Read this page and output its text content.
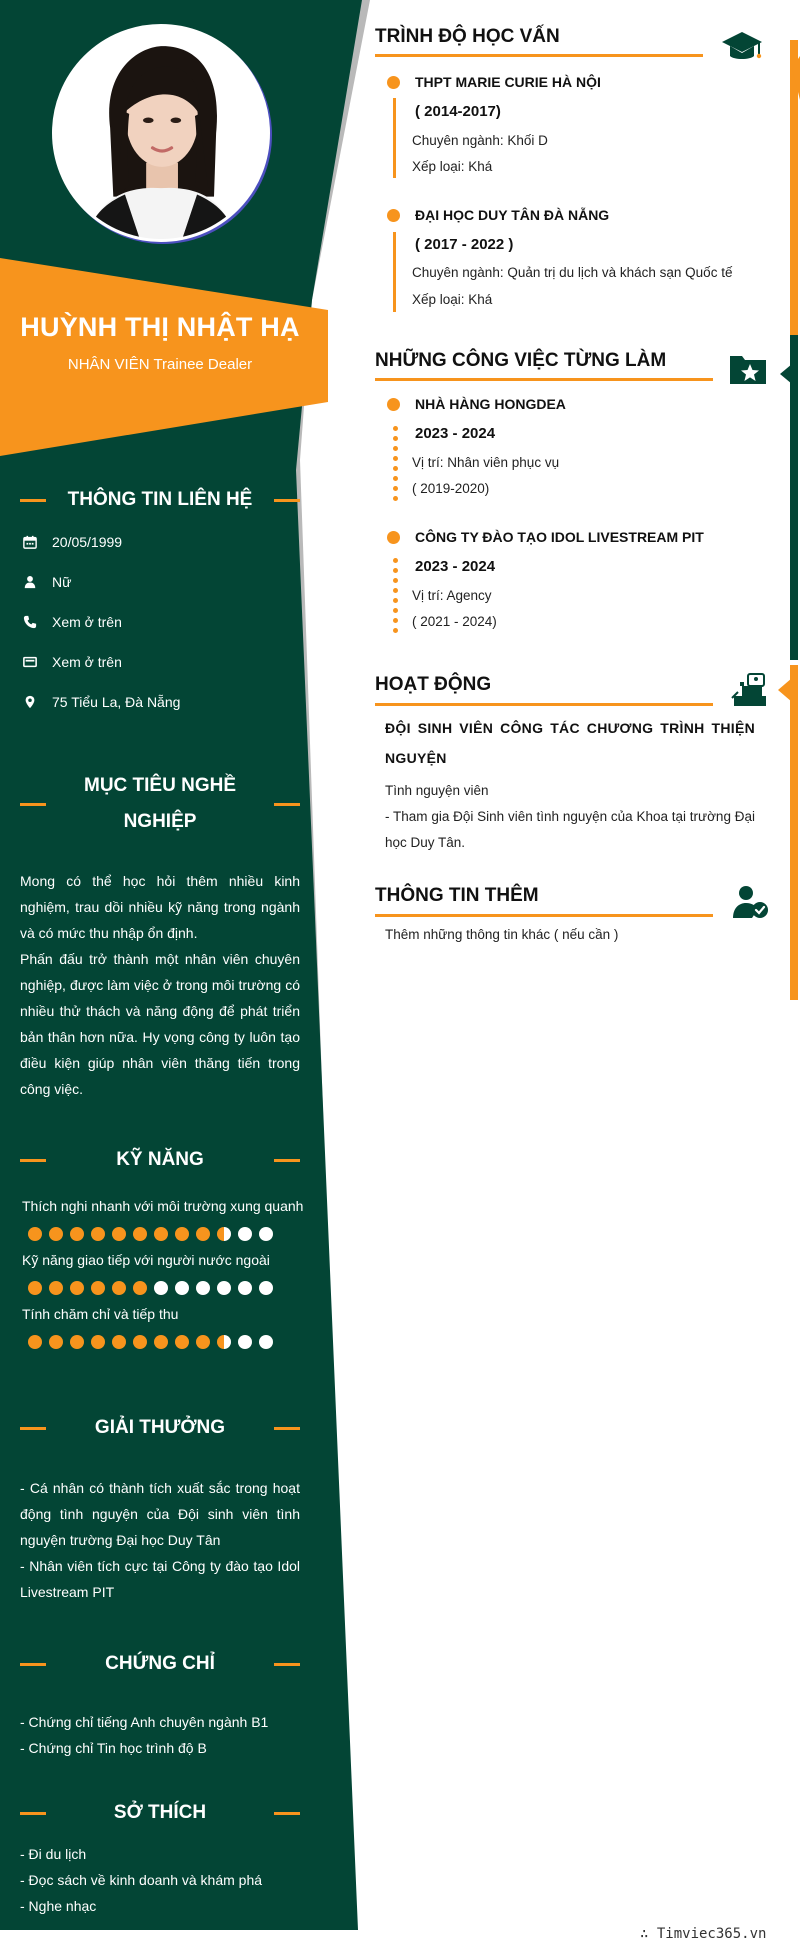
HUỲNH THỊ NHẬT HẠ
NHÂN VIÊN Trainee Dealer
THÔNG TIN LIÊN HỆ
20/05/1999
Nữ
Xem ở trên
Xem ở trên
75 Tiểu La, Đà Nẵng
MỤC TIÊU NGHỀ
NGHIỆP
Mong có thể học hỏi thêm nhiều kinh nghiệm, trau dồi nhiều kỹ năng trong ngành và có mức thu nhập ổn định.
Phấn đấu trở thành một nhân viên chuyên nghiệp, được làm việc ở trong môi trường có nhiều thử thách và năng động để phát triển bản thân hơn nữa. Hy vọng công ty luôn tạo điều kiện giúp nhân viên thăng tiến trong công việc.
KỸ NĂNG
Thích nghi nhanh với môi trường xung quanh
Kỹ năng giao tiếp với người nước ngoài
Tính chăm chỉ và tiếp thu
GIẢI THƯỞNG
- Cá nhân có thành tích xuất sắc trong hoạt động tình nguyện của Đội sinh viên tình nguyện trường Đại học Duy Tân
- Nhân viên tích cực tại Công ty đào tạo Idol Livestream PIT
CHỨNG CHỈ
- Chứng chỉ tiếng Anh chuyên ngành B1
- Chứng chỉ Tin học trình độ B
SỞ THÍCH
- Đi du lịch
- Đọc sách về kinh doanh và khám phá
- Nghe nhạc
TRÌNH ĐỘ HỌC VẤN
THPT MARIE CURIE HÀ NỘI
( 2014-2017)
Chuyên ngành: Khối D
Xếp loại: Khá
ĐẠI HỌC DUY TÂN ĐÀ NẴNG
( 2017 - 2022 )
Chuyên ngành: Quản trị du lịch và khách sạn Quốc tế
Xếp loại: Khá
NHỮNG CÔNG VIỆC TỪNG LÀM
NHÀ HÀNG HONGDEA
2023 - 2024
Vị trí: Nhân viên phục vụ
( 2019-2020)
CÔNG TY ĐÀO TẠO IDOL LIVESTREAM PIT
2023 - 2024
Vị trí: Agency
( 2021 - 2024)
HOẠT ĐỘNG
ĐỘI SINH VIÊN CÔNG TÁC CHƯƠNG TRÌNH THIỆN NGUYỆN
Tình nguyện viên
- Tham gia Đội Sinh viên tình nguyện của Khoa tại trường Đại học Duy Tân.
THÔNG TIN THÊM
Thêm những thông tin khác ( nếu cần )
∴ Timviec365.vn
